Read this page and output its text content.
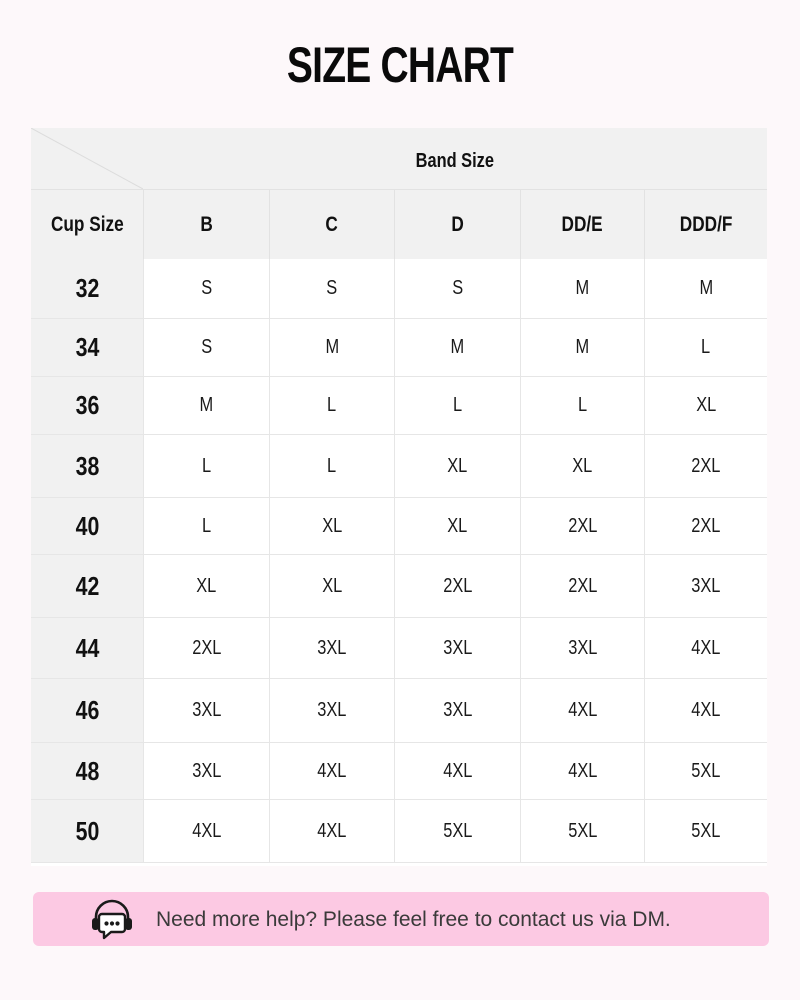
SIZE CHART
Band Size
Cup Size	B	C	D	DD/E	DDD/F
32	S	S	S	M	M
34	S	M	M	M	L
36	M	L	L	L	XL
38	L	L	XL	XL	2XL
40	L	XL	XL	2XL	2XL
42	XL	XL	2XL	2XL	3XL
44	2XL	3XL	3XL	3XL	4XL
46	3XL	3XL	3XL	4XL	4XL
48	3XL	4XL	4XL	4XL	5XL
50	4XL	4XL	5XL	5XL	5XL
Need more help? Please feel free to contact us via DM.
